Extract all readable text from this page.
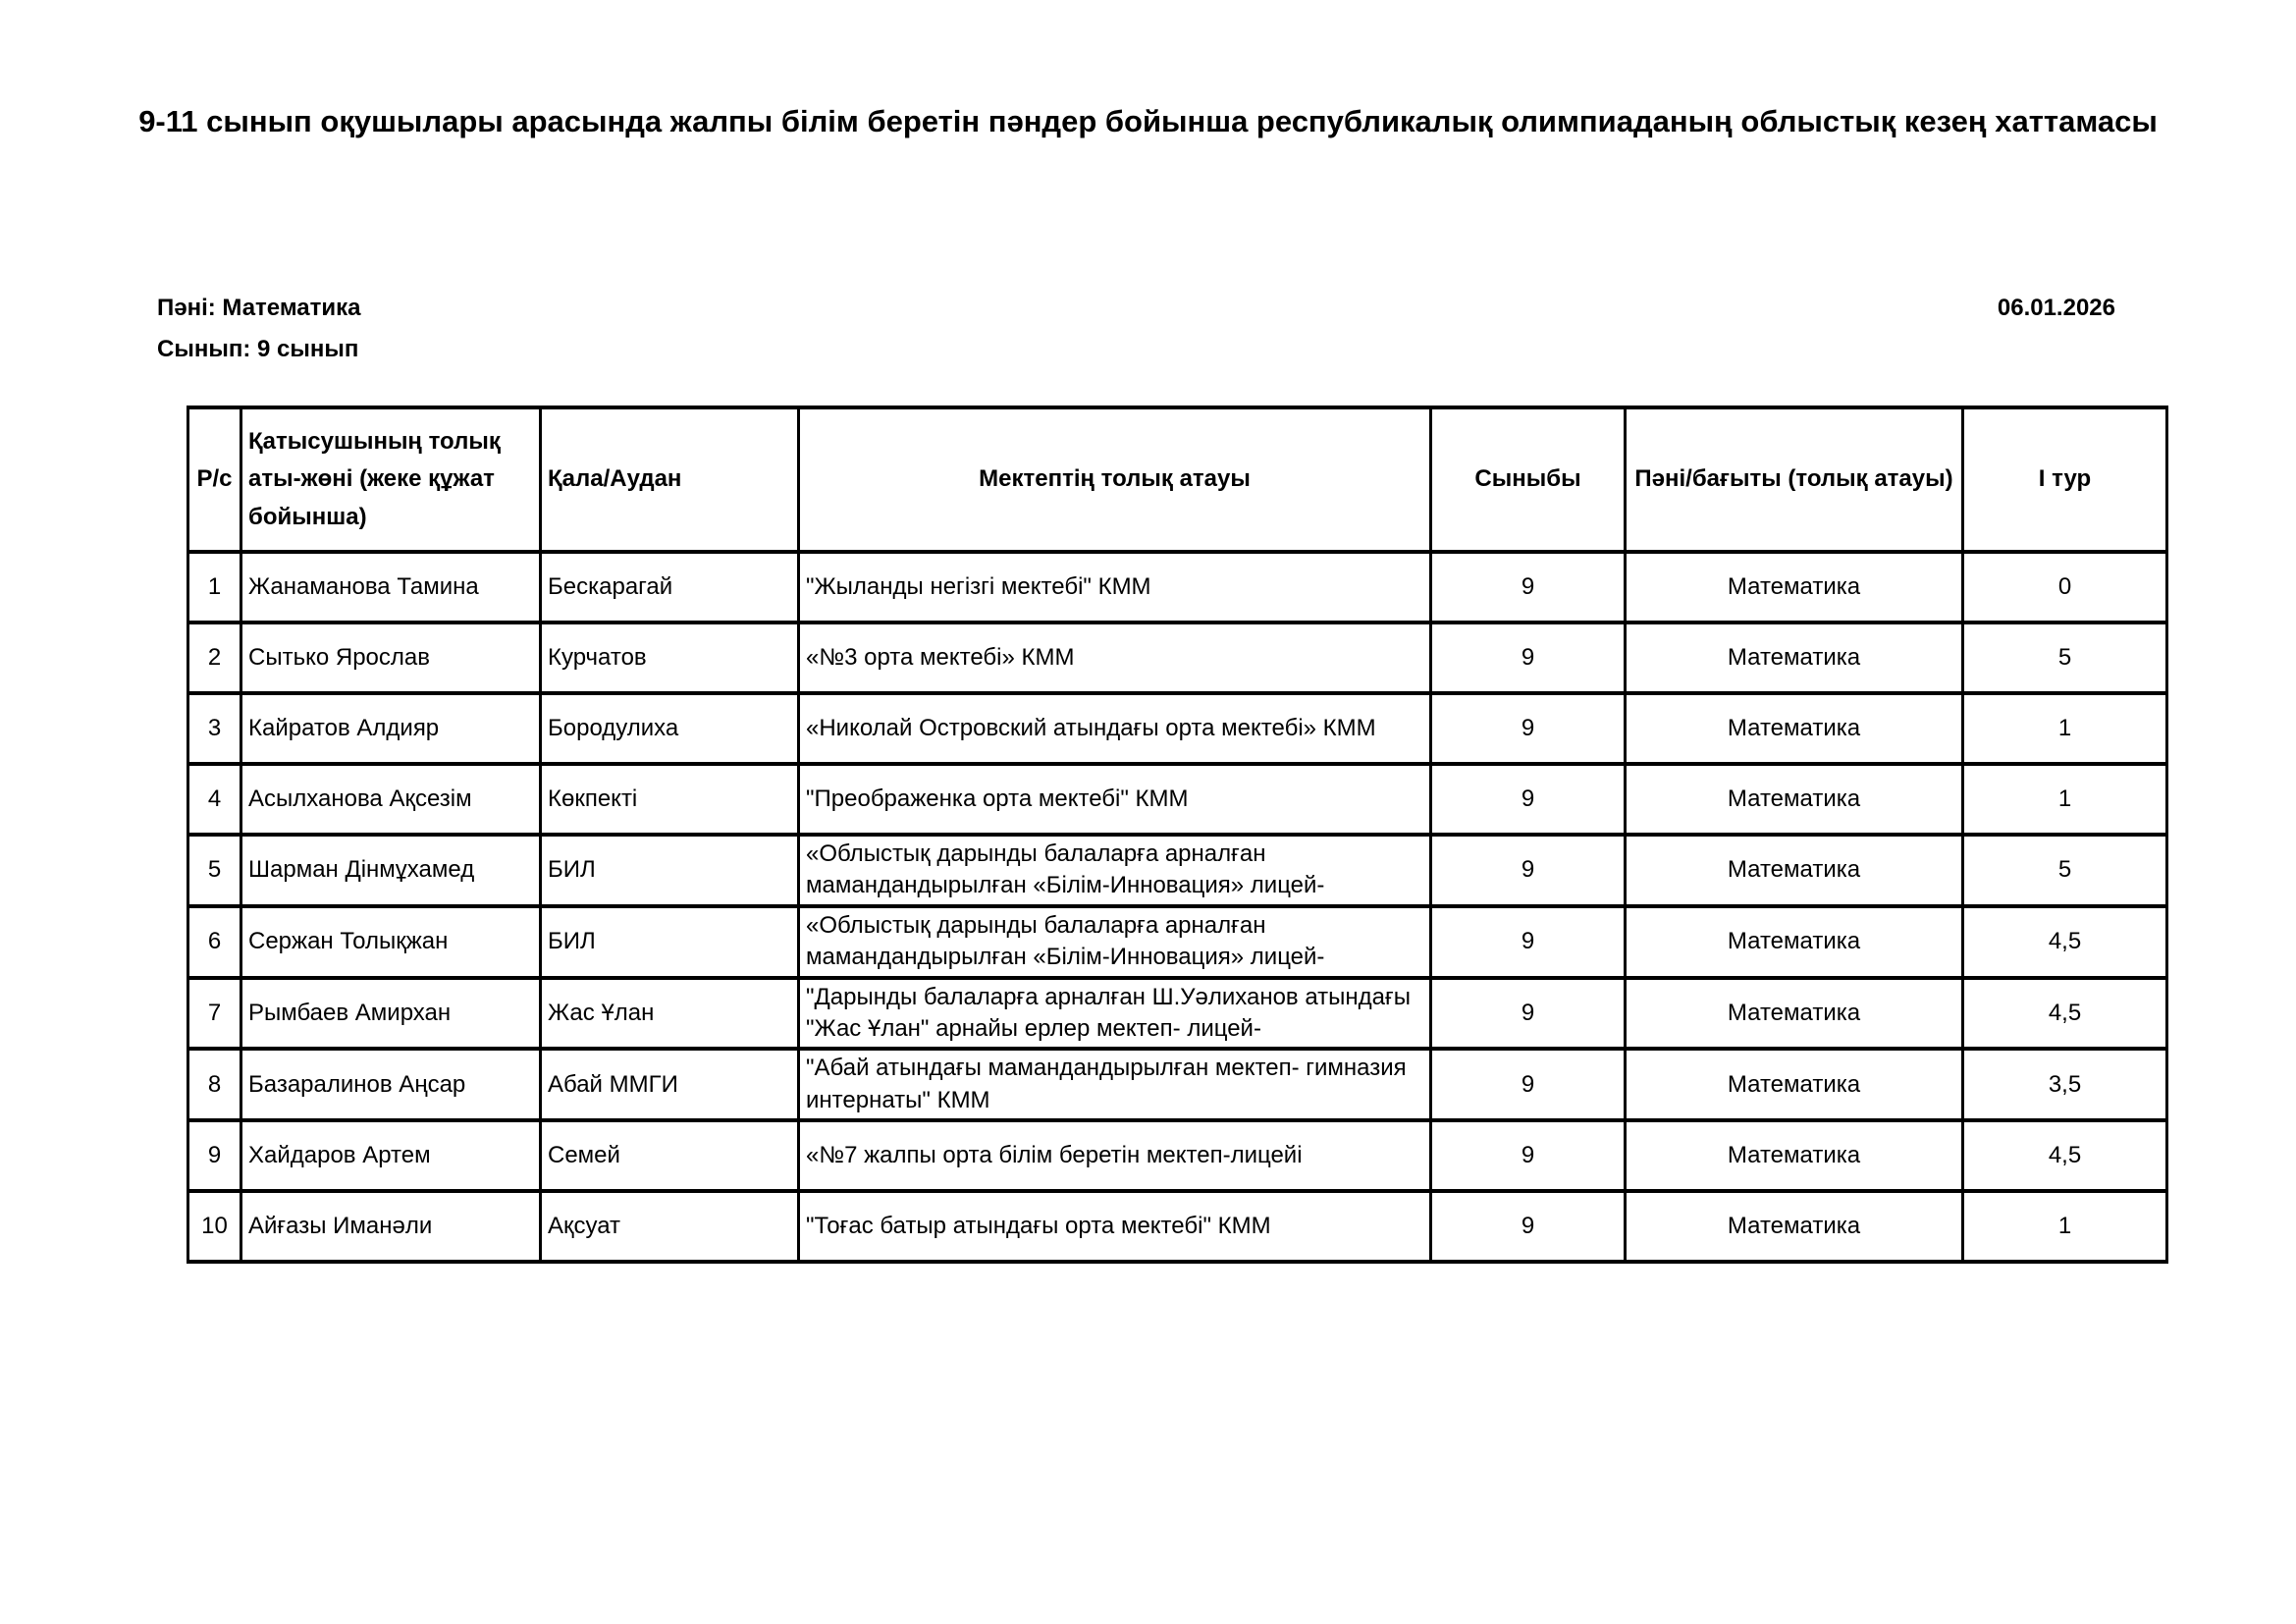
9-11 сынып оқушылары арасында жалпы білім беретін пәндер бойынша республикалық олимпиаданың облыстық кезең хаттамасы
Пәні: Математика
Сынып: 9 сынып
06.01.2026
Р/с	Қатысушының толық аты-жөні (жеке құжат бойынша)	Қала/Аудан	Мектептің толық атауы	Сыныбы	Пәні/бағыты (толық атауы)	I тур
1	Жанаманова Тамина	Бескарагай	"Жыланды негізгі мектебі" КММ	9	Математика	0
2	Сытько Ярослав	Курчатов	«№3 орта мектебі» КММ	9	Математика	5
3	Кайратов Алдияр	Бородулиха	«Николай Островский атындағы орта мектебі» КММ	9	Математика	1
4	Асылханова Ақсезім	Көкпекті	"Преображенка орта мектебі" КММ	9	Математика	1
5	Шарман Дінмұхамед	БИЛ	«Облыстық дарынды балаларға арналған мамандандырылған «Білім-Инновация» лицей-	9	Математика	5
6	Сержан Толықжан	БИЛ	«Облыстық дарынды балаларға арналған мамандандырылған «Білім-Инновация» лицей-	9	Математика	4,5
7	Рымбаев Амирхан	Жас Ұлан	"Дарынды балаларға арналған Ш.Уәлиханов атындағы "Жас Ұлан" арнайы ерлер мектеп- лицей-	9	Математика	4,5
8	Базаралинов Аңсар	Абай ММГИ	"Абай атындағы мамандандырылған мектеп- гимназия интернаты" КММ	9	Математика	3,5
9	Хайдаров Артем	Семей	«№7 жалпы орта білім беретін мектеп-лицейі	9	Математика	4,5
10	Айғазы Иманәли	Ақсуат	"Тоғас батыр атындағы орта мектебі" КММ	9	Математика	1
